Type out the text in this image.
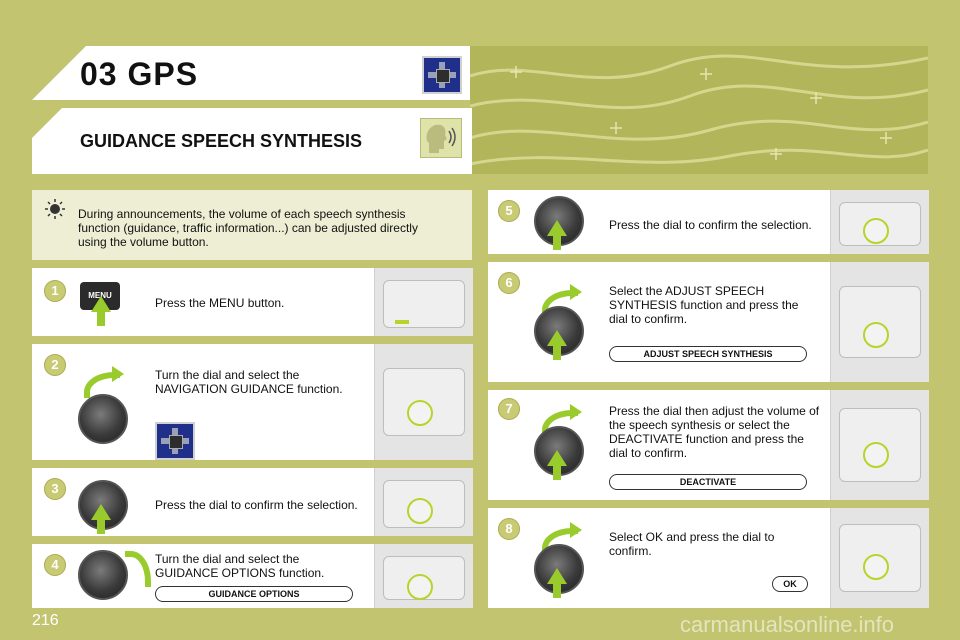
03 GPS
GUIDANCE SPEECH SYNTHESIS
During announcements, the volume of each speech synthesis function (guidance, traffic information...) can be adjusted directly using the volume button.
1	MENU
Press the MENU button.
2
Turn the dial and select the NAVIGATION GUIDANCE function.
3
Press the dial to confirm the selection.
4	Turn the dial and select the GUIDANCE OPTIONS function.
GUIDANCE OPTIONS
5
Press the dial to confirm the selection.
6
Select the ADJUST SPEECH SYNTHESIS function and press the dial to confirm.
ADJUST SPEECH SYNTHESIS
7	Press the dial then adjust the volume of the speech synthesis or select the DEACTIVATE function and press the dial to confirm.
DEACTIVATE
8
Select OK and press the dial to confirm.
OK
216	carmanualsonline.info
